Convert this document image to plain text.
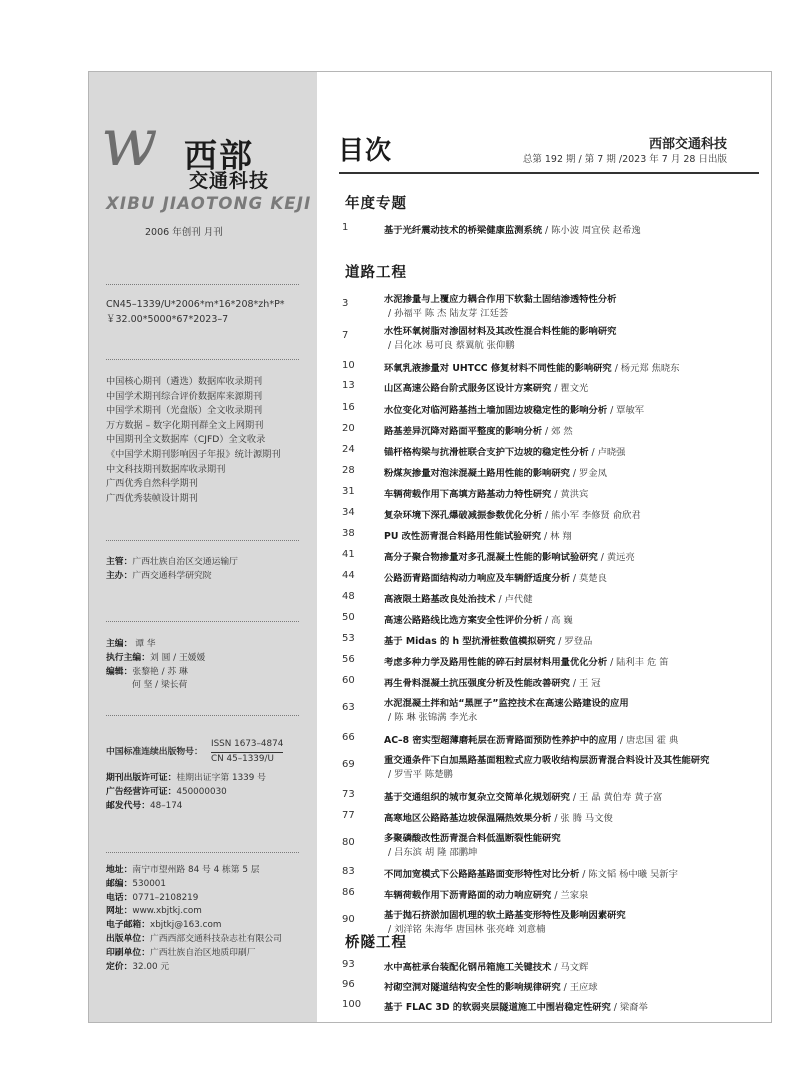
w 西部
交通科技
XIBU JIAOTONG KEJI
2006 年创刊 月刊
CN45–1339/U*2006*m*16*208*zh*P*
￥32.00*5000*67*2023–7
中国核心期刊（遴选）数据库收录期刊
中国学术期刊综合评价数据库来源期刊
中国学术期刊（光盘版）全文收录期刊
万方数据 – 数字化期刊群全文上网期刊
中国期刊全文数据库（CJFD）全文收录
《中国学术期刊影响因子年报》统计源期刊
中文科技期刊数据库收录期刊
广西优秀自然科学期刊
广西优秀装帧设计期刊
主管：广西壮族自治区交通运输厅
主办：广西交通科学研究院
主编： 谭 华
执行主编：刘 圆 / 王媛媛
编辑：张黎艳 / 苏 琳
何 坚 / 梁长荷
中国标准连续出版物号：
ISSN 1673–4874
CN 45–1339/U
期刊出版许可证：桂期出证字第 1339 号
广告经营许可证：450000030
邮发代号：48–174
地址：南宁市望州路 84 号 4 栋第 5 层
邮编：530001
电话：0771–2108219
网址：www.xbjtkj.com
电子邮箱：xbjtkj@163.com
出版单位：广西西部交通科技杂志社有限公司
印刷单位：广西壮族自治区地质印刷厂
定价：32.00 元
目次	西部交通科技
总第 192 期 / 第 7 期 /2023 年 7 月 28 日出版
年度专题
1	基于光纤震动技术的桥梁健康监测系统 / 陈小波 周宜侯 赵希逸
道路工程
3	水泥掺量与上覆应力耦合作用下软黏土固结渗透特性分析
/ 孙福平 陈 杰 陆友芽 江廷荟
7	水性环氧树脂对渗固材料及其改性混合料性能的影响研究
/ 吕化冰 易可良 蔡翼航 张仰鹏
10	环氧乳液掺量对 UHTCC 修复材料不同性能的影响研究 / 杨元郑 焦晓东
13	山区高速公路台阶式服务区设计方案研究 / 瞿文光
16	水位变化对临河路基挡土墙加固边坡稳定性的影响分析 / 覃敏军
20	路基差异沉降对路面平整度的影响分析 / 郊 然
24	锚杆格构梁与抗滑桩联合支护下边坡的稳定性分析 / 卢晓强
28	粉煤灰掺量对泡沫混凝土路用性能的影响研究 / 罗金凤
31	车辆荷载作用下高填方路基动力特性研究 / 黄洪宾
34	复杂环境下深孔爆破减振参数优化分析 / 熊小军 李修贤 俞欣君
38	PU 改性沥青混合料路用性能试验研究 / 林 翔
41	高分子聚合物掺量对多孔混凝土性能的影响试验研究 / 黄远亮
44	公路沥青路面结构动力响应及车辆舒适度分析 / 莫楚良
48	高液限土路基改良处治技术 / 卢代健
50	高速公路路线比选方案安全性评价分析 / 高 巍
53	基于 Midas 的 h 型抗滑桩数值模拟研究 / 罗登品
56	考虑多种力学及路用性能的碎石封层材料用量优化分析 / 陆利丰 危 笛
60	再生骨料混凝土抗压强度分析及性能改善研究 / 王 冠
63	水泥混凝土拌和站“黑匣子”监控技术在高速公路建设的应用
/ 陈 琳 张锦满 李光永
66	AC–8 密实型超薄磨耗层在沥青路面预防性养护中的应用 / 唐忠国 霍 典
69	重交通条件下白加黑路基面粗粒式应力吸收结构层沥青混合料设计及其性能研究
/ 罗雪平 陈楚鹏
73	基于交通组织的城市复杂立交简单化规划研究 / 王 晶 黄伯寿 黄子富
77	高寒地区公路路基边坡保温隔热效果分析 / 张 腾 马文俊
80	多聚磷酸改性沥青混合料低温断裂性能研究
/ 吕东滨 胡 隆 邵鹏坤
83	不同加宽模式下公路路基路面变形特性对比分析 / 陈文韬 杨中曦 吴新宇
86	车辆荷载作用下沥青路面的动力响应研究 / 兰家泉
90	基于抛石挤淤加固机理的软土路基变形特性及影响因素研究
/ 刘洋铭 朱海华 唐国林 张亮峰 刘意楠
桥隧工程
93	水中高桩承台装配化钢吊箱施工关键技术 / 马文辉
96	衬砌空洞对隧道结构安全性的影响规律研究 / 王应球
100	基于 FLAC 3D 的软弱夹层隧道施工中围岩稳定性研究 / 梁裔举
